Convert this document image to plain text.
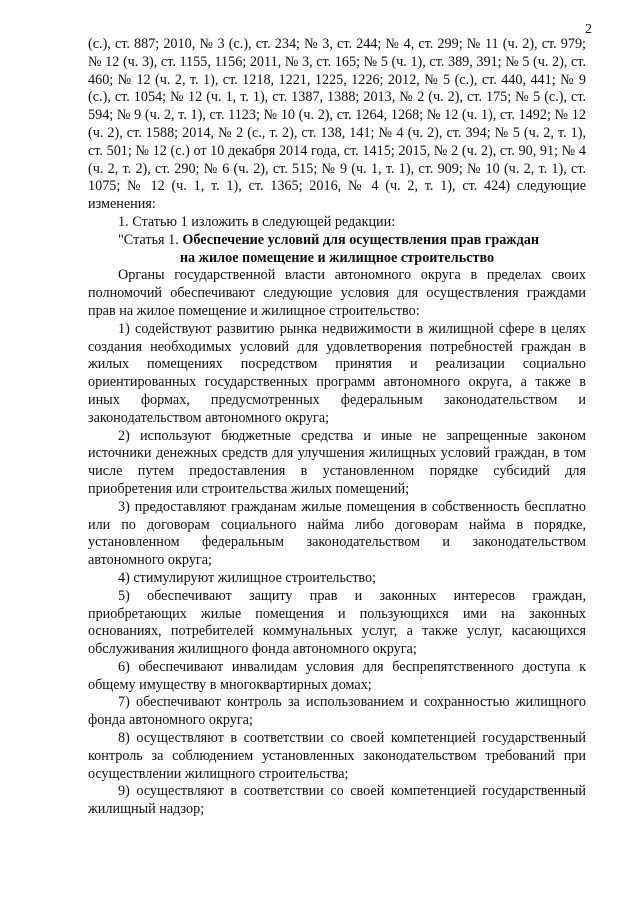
2

(с.), ст. 887; 2010, № 3 (с.), ст. 234; № 3, ст. 244; № 4, ст. 299; № 11 (ч. 2), ст. 979; № 12 (ч. 3), ст. 1155, 1156; 2011, № 3, ст. 165; № 5 (ч. 1), ст. 389, 391; № 5 (ч. 2), ст. 460; № 12 (ч. 2, т. 1), ст. 1218, 1221, 1225, 1226; 2012, № 5 (с.), ст. 440, 441; № 9 (с.), ст. 1054; № 12 (ч. 1, т. 1), ст. 1387, 1388; 2013, № 2 (ч. 2), ст. 175; № 5 (с.), ст. 594; № 9 (ч. 2, т. 1), ст. 1123; № 10 (ч. 2), ст. 1264, 1268; № 12 (ч. 1), ст. 1492; № 12 (ч. 2), ст. 1588; 2014, № 2 (с., т. 2), ст. 138, 141; № 4 (ч. 2), ст. 394; № 5 (ч. 2, т. 1), ст. 501; № 12 (с.) от 10 декабря 2014 года, ст. 1415; 2015, № 2 (ч. 2), ст. 90, 91; № 4 (ч. 2, т. 2), ст. 290; № 6 (ч. 2), ст. 515; № 9 (ч. 1, т. 1), ст. 909; № 10 (ч. 2, т. 1), ст. 1075; № 12 (ч. 1, т. 1), ст. 1365; 2016, № 4 (ч. 2, т. 1), ст. 424) следующие изменения:

1. Статью 1 изложить в следующей редакции:

"Статья 1. Обеспечение условий для осуществления прав граждан

на жилое помещение и жилищное строительство

Органы государственной власти автономного округа в пределах своих полномочий обеспечивают следующие условия для осуществления граждами прав на жилое помещение и жилищное строительство:

1) содействуют развитию рынка недвижимости в жилищной сфере в целях создания необходимых условий для удовлетворения потребностей граждан в жилых помещениях посредством принятия и реализации социально ориентированных государственных программ автономного округа, а также в иных формах, предусмотренных федеральным законодательством и законодательством автономного округа;

2) используют бюджетные средства и иные не запрещенные законом источники денежных средств для улучшения жилищных условий граждан, в том числе путем предоставления в установленном порядке субсидий для приобретения или строительства жилых помещений;

3) предоставляют гражданам жилые помещения в собственность бесплатно или по договорам социального найма либо договорам найма в порядке, установленном федеральным законодательством и законодательством автономного округа;

4) стимулируют жилищное строительство;

5) обеспечивают защиту прав и законных интересов граждан, приобретающих жилые помещения и пользующихся ими на законных основаниях, потребителей коммунальных услуг, а также услуг, касающихся обслуживания жилищного фонда автономного округа;

6) обеспечивают инвалидам условия для беспрепятственного доступа к общему имуществу в многоквартирных домах;

7) обеспечивают контроль за использованием и сохранностью жилищного фонда автономного округа;

8) осуществляют в соответствии со своей компетенцией государственный контроль за соблюдением установленных законодательством требований при осуществлении жилищного строительства;

9) осуществляют в соответствии со своей компетенцией государственный жилищный надзор;
